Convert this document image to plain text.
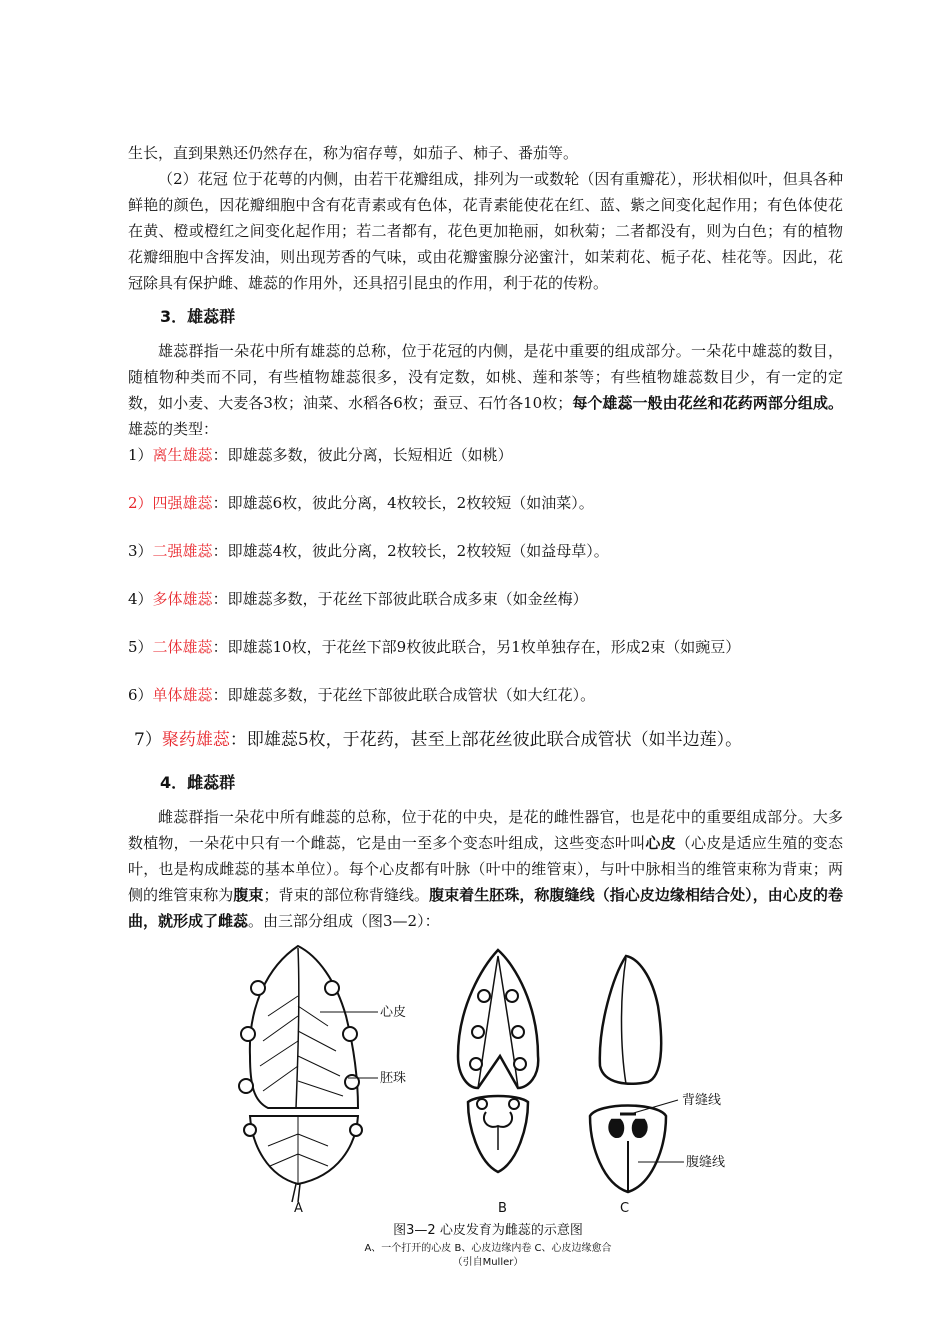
生长，直到果熟还仍然存在，称为宿存萼，如茄子、柿子、番茄等。

（2）花冠 位于花萼的内侧，由若干花瓣组成，排列为一或数轮（因有重瓣花），形状相似叶，但具各种鲜艳的颜色，因花瓣细胞中含有花青素或有色体，花青素能使花在红、蓝、紫之间变化起作用；有色体使花在黄、橙或橙红之间变化起作用；若二者都有，花色更加艳丽，如秋菊；二者都没有，则为白色；有的植物花瓣细胞中含挥发油，则出现芳香的气味，或由花瓣蜜腺分泌蜜汁，如茉莉花、栀子花、桂花等。因此，花冠除具有保护雌、雄蕊的作用外，还具招引昆虫的作用，利于花的传粉。

3．雄蕊群

雄蕊群指一朵花中所有雄蕊的总称，位于花冠的内侧，是花中重要的组成部分。一朵花中雄蕊的数目，随植物种类而不同，有些植物雄蕊很多，没有定数，如桃、莲和茶等；有些植物雄蕊数目少，有一定的定数，如小麦、大麦各3枚；油菜、水稻各6枚；蚕豆、石竹各10枚；每个雄蕊一般由花丝和花药两部分组成。雄蕊的类型：

1）离生雄蕊：即雄蕊多数，彼此分离，长短相近（如桃）

2）四强雄蕊：即雄蕊6枚，彼此分离，4枚较长，2枚较短（如油菜）。

3）二强雄蕊：即雄蕊4枚，彼此分离，2枚较长，2枚较短（如益母草）。

4）多体雄蕊：即雄蕊多数，于花丝下部彼此联合成多束（如金丝梅）

5）二体雄蕊：即雄蕊10枚，于花丝下部9枚彼此联合，另1枚单独存在，形成2束（如豌豆）

6）单体雄蕊：即雄蕊多数，于花丝下部彼此联合成管状（如大红花）。

7）聚药雄蕊：即雄蕊5枚，于花药，甚至上部花丝彼此联合成管状（如半边莲）。

4．雌蕊群

雌蕊群指一朵花中所有雌蕊的总称，位于花的中央，是花的雌性器官，也是花中的重要组成部分。大多数植物，一朵花中只有一个雌蕊，它是由一至多个变态叶组成，这些变态叶叫心皮（心皮是适应生殖的变态叶，也是构成雌蕊的基本单位）。每个心皮都有叶脉（叶中的维管束），与叶中脉相当的维管束称为背束；两侧的维管束称为腹束；背束的部位称背缝线。腹束着生胚珠，称腹缝线（指心皮边缘相结合处），由心皮的卷曲，就形成了雌蕊。由三部分组成（图3—2）：

心皮
胚珠
背缝线
腹缝线
A	B	C
图3—2 心皮发育为雌蕊的示意图
A、一个打开的心皮 B、心皮边缘内卷 C、心皮边缘愈合
（引自Muller）
